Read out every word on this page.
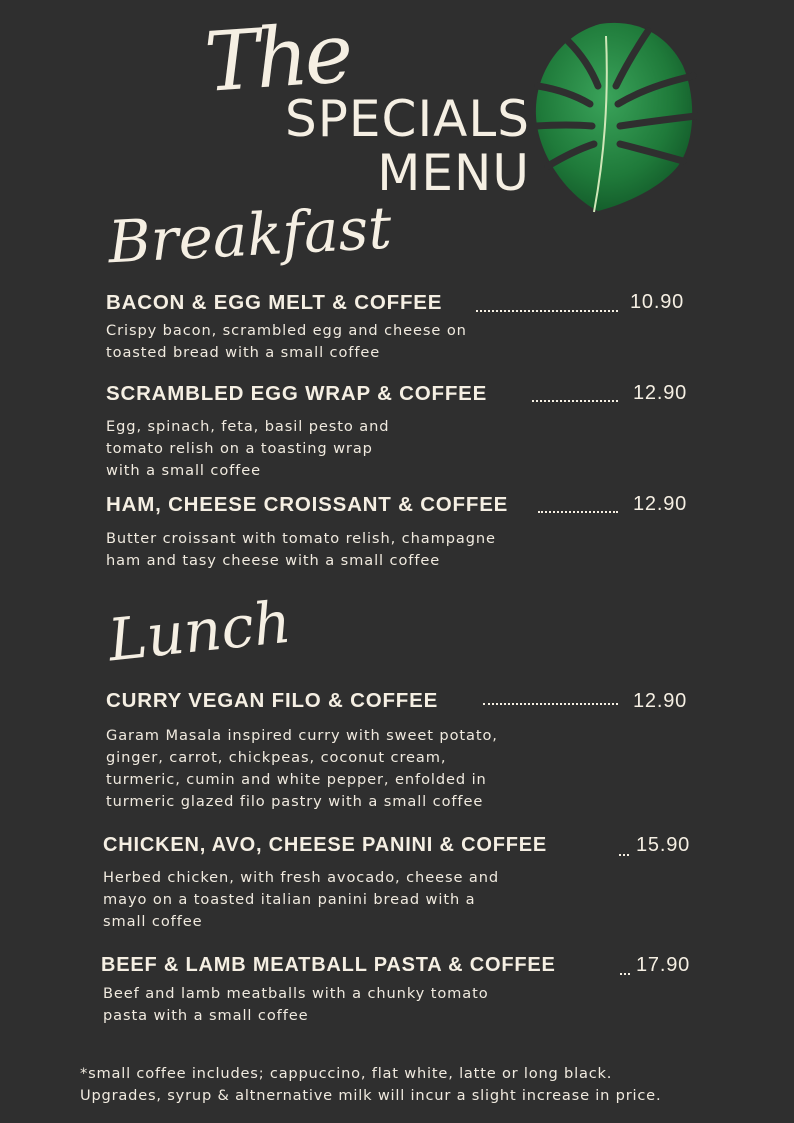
The
SPECIALS
MENU
Breakfast
BACON & EGG MELT & COFFEE	10.90
Crispy bacon, scrambled egg and cheese on
toasted bread with a small coffee
SCRAMBLED EGG WRAP & COFFEE	12.90
Egg, spinach, feta, basil pesto and
tomato relish on a toasting wrap
with a small coffee
HAM, CHEESE CROISSANT & COFFEE	12.90
Butter croissant with tomato relish, champagne
ham and tasy cheese with a small coffee
Lunch
CURRY VEGAN FILO & COFFEE	12.90
Garam Masala inspired curry with sweet potato,
ginger, carrot, chickpeas, coconut cream,
turmeric, cumin and white pepper, enfolded in
turmeric glazed filo pastry with a small coffee
CHICKEN, AVO, CHEESE PANINI & COFFEE	15.90
Herbed chicken, with fresh avocado, cheese and
mayo on a toasted italian panini bread with a
small coffee
BEEF & LAMB MEATBALL PASTA & COFFEE	17.90
Beef and lamb meatballs with a chunky tomato
pasta with a small coffee
*small coffee includes; cappuccino, flat white, latte or long black.
Upgrades, syrup & altnernative milk will incur a slight increase in price.
